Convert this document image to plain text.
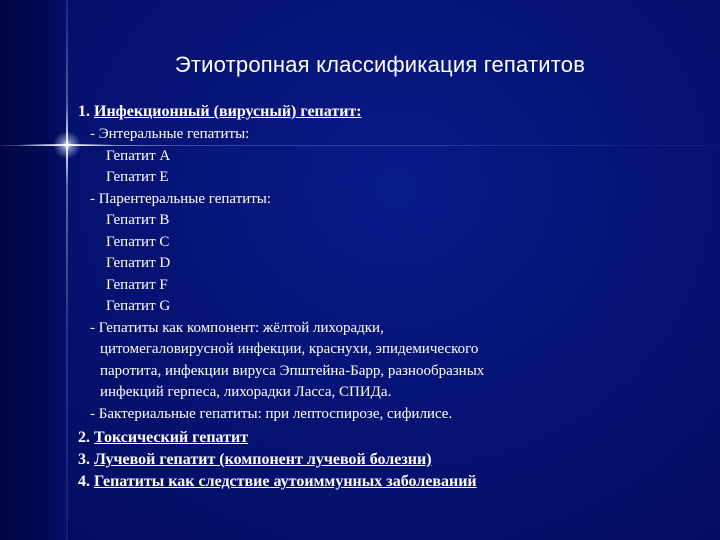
Этиотропная классификация гепатитов
1. Инфекционный (вирусный) гепатит:
- Энтеральные гепатиты:
Гепатит А
Гепатит Е
- Парентеральные гепатиты:
Гепатит В
Гепатит С
Гепатит D
Гепатит F
Гепатит G
- Гепатиты как компонент: жёлтой лихорадки,
цитомегаловирусной инфекции, краснухи, эпидемического
паротита, инфекции вируса Эпштейна-Барр, разнообразных
инфекций герпеса, лихорадки Ласса, СПИДа.
- Бактериальные гепатиты: при лептоспирозе, сифилисе.
2. Токсический гепатит
3. Лучевой гепатит (компонент лучевой болезни)
4. Гепатиты как следствие аутоиммунных заболеваний
